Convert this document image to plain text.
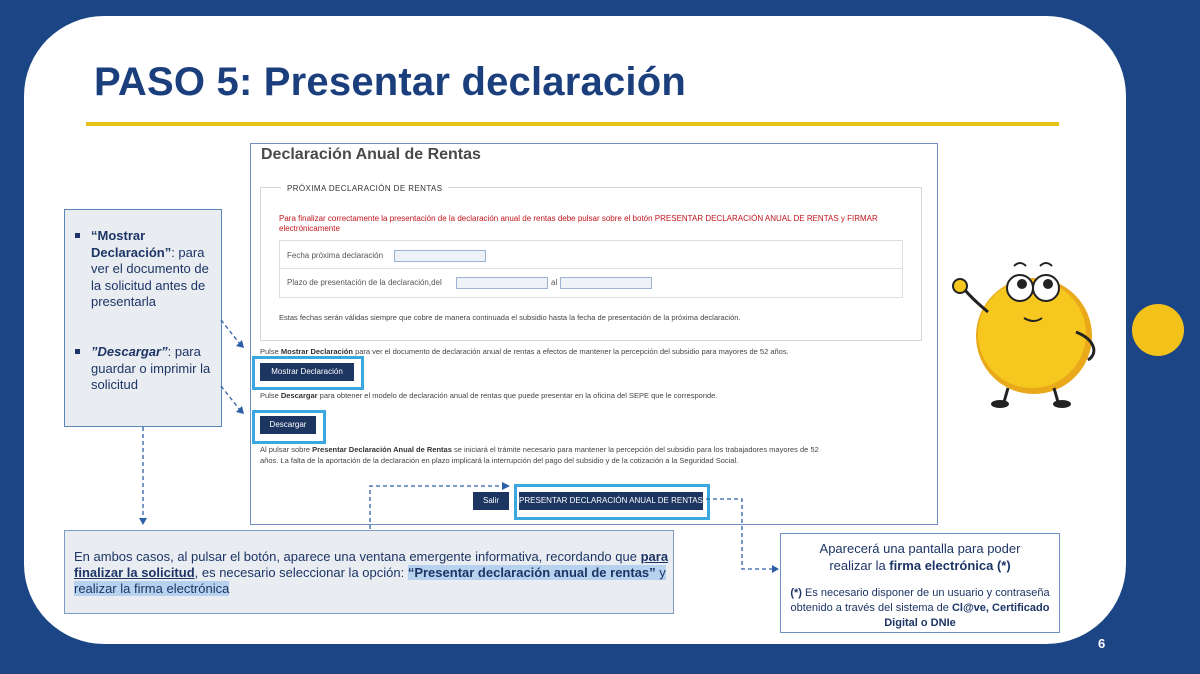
6
PASO 5: Presentar declaración
Declaración Anual de Rentas
PRÓXIMA DECLARACIÓN DE RENTAS
Para finalizar correctamente la presentación de la declaración anual de rentas debe pulsar sobre el botón PRESENTAR DECLARACIÓN ANUAL DE RENTAS y FIRMAR electrónicamente
Fecha próxima declaración
Plazo de presentación de la declaración,del	al
Estas fechas serán válidas siempre que cobre de manera continuada el subsidio hasta la fecha de presentación de la próxima declaración.
Pulse Mostrar Declaración para ver el documento de declaración anual de rentas a efectos de mantener la percepción del subsidio para mayores de 52 años.
Mostrar Declaración
Pulse Descargar para obtener el modelo de declaración anual de rentas que puede presentar en la oficina del SEPE que le corresponde.
Descargar
Al pulsar sobre Presentar Declaración Anual de Rentas se iniciará el trámite necesario para mantener la percepción del subsidio para los trabajadores mayores de 52
años. La falta de la aportación de la declaración en plazo implicará la interrupción del pago del subsidio y de la cotización a la Seguridad Social.
Salir	PRESENTAR DECLARACIÓN ANUAL DE RENTAS
“Mostrar Declaración”: para ver el documento de la solicitud antes de presentarla
”Descargar”: para guardar o imprimir la solicitud
En ambos casos, al pulsar el botón, aparece una ventana emergente informativa, recordando que para finalizar la solicitud, es necesario seleccionar la opción: “Presentar declaración anual de rentas” y realizar la firma electrónica
Aparecerá una pantalla para poder
realizar la firma electrónica (*)
(*) Es necesario disponer de un usuario y contraseña obtenido a través del sistema de Cl@ve, Certificado Digital o DNIe
